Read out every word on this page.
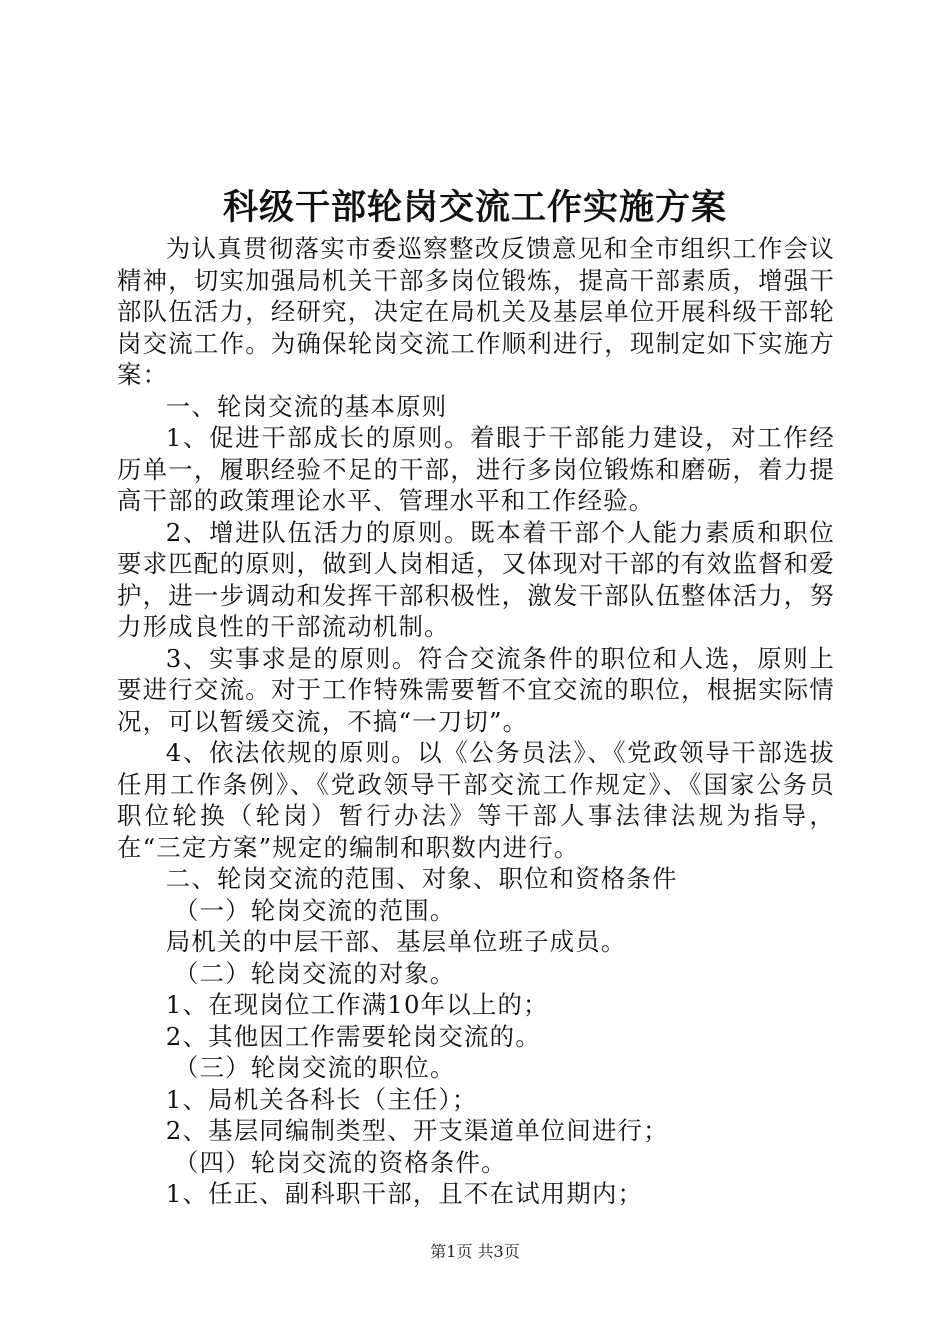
科级干部轮岗交流工作实施方案

为认真贯彻落实市委巡察整改反馈意见和全市组织工作会议精神，切实加强局机关干部多岗位锻炼，提高干部素质，增强干部队伍活力，经研究，决定在局机关及基层单位开展科级干部轮岗交流工作。为确保轮岗交流工作顺利进行，现制定如下实施方案：

一、轮岗交流的基本原则

1、促进干部成长的原则。着眼于干部能力建设，对工作经历单一，履职经验不足的干部，进行多岗位锻炼和磨砺，着力提高干部的政策理论水平、管理水平和工作经验。

2、增进队伍活力的原则。既本着干部个人能力素质和职位要求匹配的原则，做到人岗相适，又体现对干部的有效监督和爱护，进一步调动和发挥干部积极性，激发干部队伍整体活力，努力形成良性的干部流动机制。

3、实事求是的原则。符合交流条件的职位和人选，原则上要进行交流。对于工作特殊需要暂不宜交流的职位，根据实际情况，可以暂缓交流，不搞“一刀切”。

4、依法依规的原则。以《公务员法》、《党政领导干部选拔任用工作条例》、《党政领导干部交流工作规定》、《国家公务员职位轮换（轮岗）暂行办法》等干部人事法律法规为指导，在“三定方案”规定的编制和职数内进行。

二、轮岗交流的范围、对象、职位和资格条件

（一）轮岗交流的范围。

局机关的中层干部、基层单位班子成员。

（二）轮岗交流的对象。

1、在现岗位工作满10年以上的；

2、其他因工作需要轮岗交流的。

（三）轮岗交流的职位。

1、局机关各科长（主任）；

2、基层同编制类型、开支渠道单位间进行；

（四）轮岗交流的资格条件。

1、任正、副科职干部，且不在试用期内；

第1页 共3页
